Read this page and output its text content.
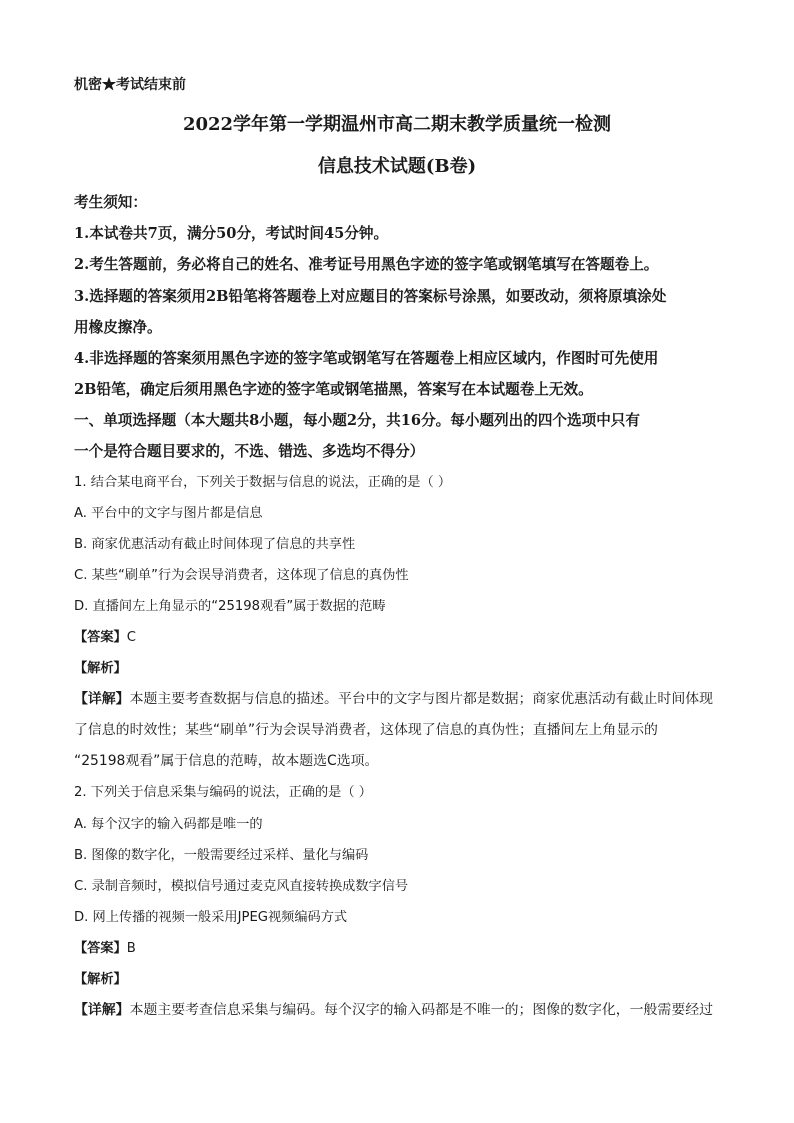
机密★考试结束前
2022学年第一学期温州市高二期末教学质量统一检测
信息技术试题(B卷)
考生须知：
1.本试卷共7页，满分50分，考试时间45分钟。
2.考生答题前，务必将自己的姓名、准考证号用黑色字迹的签字笔或钢笔填写在答题卷上。
3.选择题的答案须用2B铅笔将答题卷上对应题目的答案标号涂黑，如要改动，须将原填涂处
用橡皮擦净。
4.非选择题的答案须用黑色字迹的签字笔或钢笔写在答题卷上相应区域内，作图时可先使用
2B铅笔，确定后须用黑色字迹的签字笔或钢笔描黑，答案写在本试题卷上无效。
一、单项选择题（本大题共8小题，每小题2分，共16分。每小题列出的四个选项中只有
一个是符合题目要求的，不选、错选、多选均不得分）
1. 结合某电商平台，下列关于数据与信息的说法，正确的是（ ）
A. 平台中的文字与图片都是信息
B. 商家优惠活动有截止时间体现了信息的共享性
C. 某些“刷单”行为会误导消费者，这体现了信息的真伪性
D. 直播间左上角显示的“25198观看”属于数据的范畴
【答案】C
【解析】
【详解】本题主要考查数据与信息的描述。平台中的文字与图片都是数据；商家优惠活动有截止时间体现
了信息的时效性；某些“刷单”行为会误导消费者，这体现了信息的真伪性；直播间左上角显示的
“25198观看”属于信息的范畴，故本题选C选项。
2. 下列关于信息采集与编码的说法，正确的是（ ）
A. 每个汉字的输入码都是唯一的
B. 图像的数字化，一般需要经过采样、量化与编码
C. 录制音频时，模拟信号通过麦克风直接转换成数字信号
D. 网上传播的视频一般采用JPEG视频编码方式
【答案】B
【解析】
【详解】本题主要考查信息采集与编码。每个汉字的输入码都是不唯一的；图像的数字化，一般需要经过
